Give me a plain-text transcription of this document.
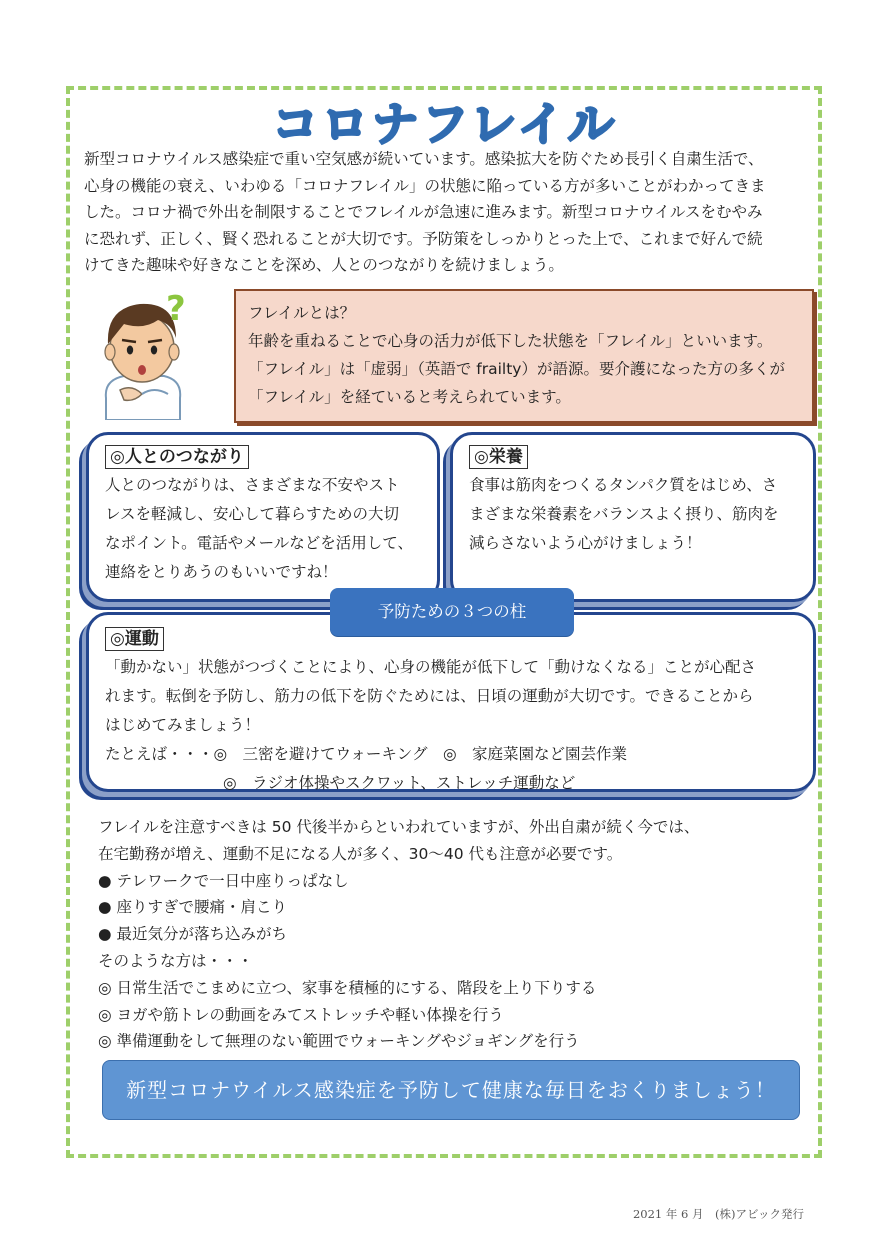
コロナフレイル
新型コロナウイルス感染症で重い空気感が続いています。感染拡大を防ぐため長引く自粛生活で、
心身の機能の衰え、いわゆる「コロナフレイル」の状態に陥っている方が多いことがわかってきま
した。コロナ禍で外出を制限することでフレイルが急速に進みます。新型コロナウイルスをむやみ
に恐れず、正しく、賢く恐れることが大切です。予防策をしっかりとった上で、これまで好んで続
けてきた趣味や好きなことを深め、人とのつながりを続けましょう。
?	フレイルとは？
年齢を重ねることで心身の活力が低下した状態を「フレイル」といいます。
「フレイル」は「虚弱」（英語で frailty）が語源。要介護になった方の多くが
「フレイル」を経ていると考えられています。
◎人とのつながり
人とのつながりは、さまざまな不安やスト
レスを軽減し、安心して暮らすための大切
なポイント。電話やメールなどを活用して、
連絡をとりあうのもいいですね！
◎栄養
食事は筋肉をつくるタンパク質をはじめ、さ
まざまな栄養素をバランスよく摂り、筋肉を
減らさないよう心がけましょう！
予防ための３つの柱
◎運動
「動かない」状態がつづくことにより、心身の機能が低下して「動けなくなる」ことが心配さ
れます。転倒を予防し、筋力の低下を防ぐためには、日頃の運動が大切です。できることから
はじめてみましょう！
たとえば・・・◎　三密を避けてウォーキング　◎　家庭菜園など園芸作業
◎　ラジオ体操やスクワット、ストレッチ運動など
フレイルを注意すべきは 50 代後半からといわれていますが、外出自粛が続く今では、
在宅勤務が増え、運動不足になる人が多く、30～40 代も注意が必要です。
● テレワークで一日中座りっぱなし
● 座りすぎで腰痛・肩こり
● 最近気分が落ち込みがち
そのような方は・・・
◎ 日常生活でこまめに立つ、家事を積極的にする、階段を上り下りする
◎ ヨガや筋トレの動画をみてストレッチや軽い体操を行う
◎ 準備運動をして無理のない範囲でウォーキングやジョギングを行う
新型コロナウイルス感染症を予防して健康な毎日をおくりましょう！
2021 年 6 月　(株)アビック発行
